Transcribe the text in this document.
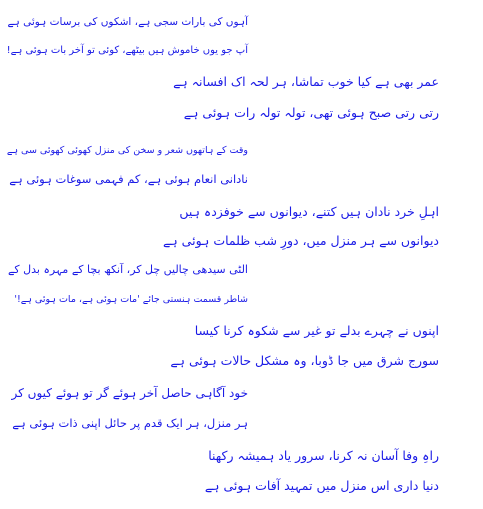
آہوں کی بارات سجی ہے، اشکوں کی برسات ہوئی ہے
آپ جو یوں خاموش ہیں بیٹھے، کوئی تو آخر بات ہوئی ہے!
عمر بھی ہے کیا خوب تماشا، ہر لحہ اک افسانہ ہے
رتی رتی صبح ہوئی تھی، تولہ تولہ رات ہوئی ہے
وقت کے ہاتھوں شعر و سخن کی منزل کھوئی کھوئی سی ہے
نادانی انعام ہوئی ہے، کم فہمی سوغات ہوئی ہے
اہلِ خرد نادان ہیں کتنے، دیوانوں سے خوفزدہ ہیں
دیوانوں سے ہر منزل میں، دورِ شب ظلمات ہوئی ہے
الٹی سیدھی چالیں چل کر، آنکھ بچا کے مہرہ بدل کے
شاطر قسمت ہنستی جائے 'مات ہوئی ہے، مات ہوئی ہے!'
اپنوں نے چہرے بدلے تو غیر سے شکوہ کرنا کیسا
سورج شرق میں جا ڈوبا، وہ مشکل حالات ہوئی ہے
خود آگاہی حاصل آخر ہوئے گر تو ہوئے کیوں کر
ہر منزل، ہر ایک قدم پر حائل اپنی ذات ہوئی ہے
راہِ وفا آسان نہ کرنا، سرور یاد ہمیشہ رکھنا
دنیا داری اس منزل میں تمہید آفات ہوئی ہے
